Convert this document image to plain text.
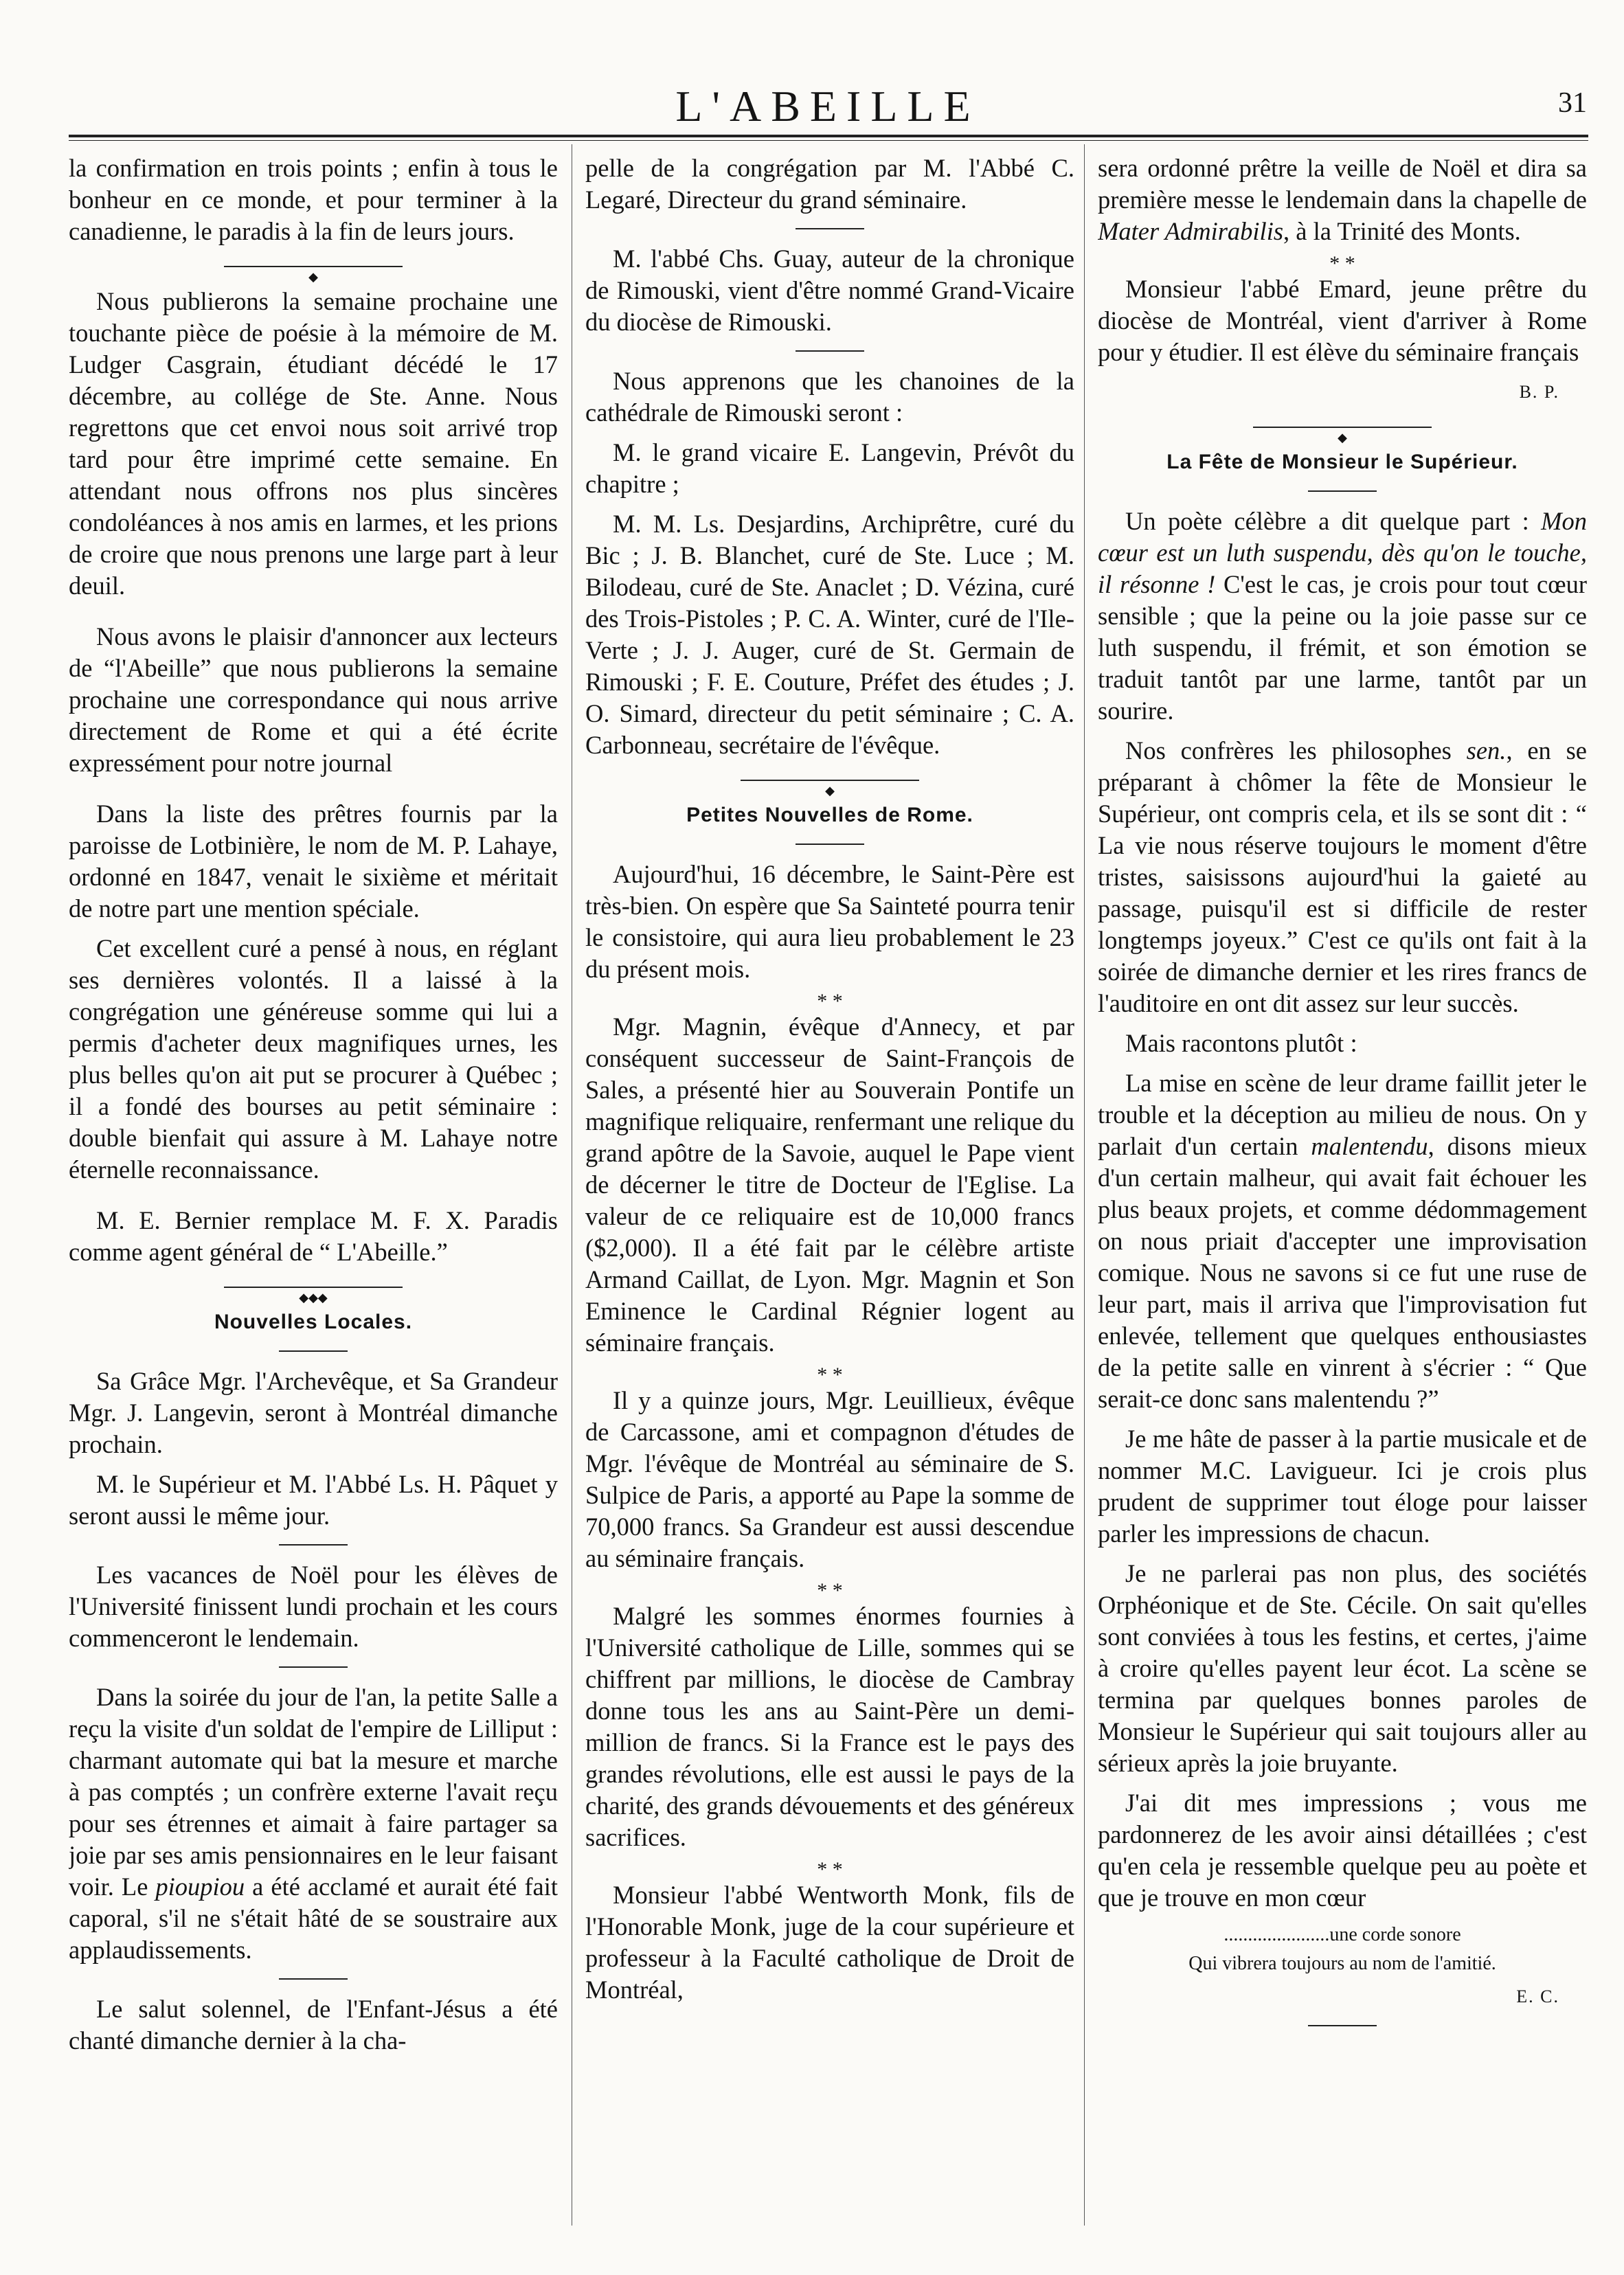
L'ABEILLE	31

la confirmation en trois points ; enfin à tous le bonheur en ce monde, et pour terminer à la canadienne, le paradis à la fin de leurs jours.

◆

Nous publierons la semaine prochaine une touchante pièce de poésie à la mémoire de M. Ludger Casgrain, étudiant décédé le 17 décembre, au collége de Ste. Anne. Nous regrettons que cet envoi nous soit arrivé trop tard pour être imprimé cette semaine. En attendant nous offrons nos plus sincères condoléances à nos amis en larmes, et les prions de croire que nous prenons une large part à leur deuil.

Nous avons le plaisir d'annoncer aux lecteurs de “l'Abeille” que nous publierons la semaine prochaine une correspondance qui nous arrive directement de Rome et qui a été écrite expressément pour notre journal

Dans la liste des prêtres fournis par la paroisse de Lotbinière, le nom de M. P. Lahaye, ordonné en 1847, venait le sixième et méritait de notre part une mention spéciale.

Cet excellent curé a pensé à nous, en réglant ses dernières volontés. Il a laissé à la congrégation une généreuse somme qui lui a permis d'acheter deux magnifiques urnes, les plus belles qu'on ait put se procurer à Québec ; il a fondé des bourses au petit séminaire : double bienfait qui assure à M. Lahaye notre éternelle reconnaissance.

M. E. Bernier remplace M. F. X. Paradis comme agent général de “ L'Abeille.”

◆◆◆
Nouvelles Locales.

Sa Grâce Mgr. l'Archevêque, et Sa Grandeur Mgr. J. Langevin, seront à Montréal dimanche prochain.

M. le Supérieur et M. l'Abbé Ls. H. Pâquet y seront aussi le même jour.

Les vacances de Noël pour les élèves de l'Université finissent lundi prochain et les cours commenceront le lendemain.

Dans la soirée du jour de l'an, la petite Salle a reçu la visite d'un soldat de l'empire de Lilliput : charmant automate qui bat la mesure et marche à pas comptés ; un confrère externe l'avait reçu pour ses étrennes et aimait à faire partager sa joie par ses amis pensionnaires en le leur faisant voir. Le pioupiou a été acclamé et aurait été fait caporal, s'il ne s'était hâté de se soustraire aux applaudissements.

Le salut solennel, de l'Enfant-Jésus a été chanté dimanche dernier à la cha-

pelle de la congrégation par M. l'Abbé C. Legaré, Directeur du grand séminaire.

M. l'abbé Chs. Guay, auteur de la chronique de Rimouski, vient d'être nommé Grand-Vicaire du diocèse de Rimouski.

Nous apprenons que les chanoines de la cathédrale de Rimouski seront :

M. le grand vicaire E. Langevin, Prévôt du chapitre ;

M. M. Ls. Desjardins, Archiprêtre, curé du Bic ; J. B. Blanchet, curé de Ste. Luce ; M. Bilodeau, curé de Ste. Anaclet ; D. Vézina, curé des Trois-Pistoles ; P. C. A. Winter, curé de l'Ile-Verte ; J. J. Auger, curé de St. Germain de Rimouski ; F. E. Couture, Préfet des études ; J. O. Simard, directeur du petit séminaire ; C. A. Carbonneau, secrétaire de l'évêque.

◆
Petites Nouvelles de Rome.

Aujourd'hui, 16 décembre, le Saint-Père est très-bien. On espère que Sa Sainteté pourra tenir le consistoire, qui aura lieu probablement le 23 du présent mois.

* *

Mgr. Magnin, évêque d'Annecy, et par conséquent successeur de Saint-François de Sales, a présenté hier au Souverain Pontife un magnifique reliquaire, renfermant une relique du grand apôtre de la Savoie, auquel le Pape vient de décerner le titre de Docteur de l'Eglise. La valeur de ce reliquaire est de 10,000 francs ($2,000). Il a été fait par le célèbre artiste Armand Caillat, de Lyon. Mgr. Magnin et Son Eminence le Cardinal Régnier logent au séminaire français.

* *

Il y a quinze jours, Mgr. Leuillieux, évêque de Carcassone, ami et compagnon d'études de Mgr. l'évêque de Montréal au séminaire de S. Sulpice de Paris, a apporté au Pape la somme de 70,000 francs. Sa Grandeur est aussi descendue au séminaire français.

* *

Malgré les sommes énormes fournies à l'Université catholique de Lille, sommes qui se chiffrent par millions, le diocèse de Cambray donne tous les ans au Saint-Père un demi-million de francs. Si la France est le pays des grandes révolutions, elle est aussi le pays de la charité, des grands dévouements et des généreux sacrifices.

* *

Monsieur l'abbé Wentworth Monk, fils de l'Honorable Monk, juge de la cour supérieure et professeur à la Faculté catholique de Droit de Montréal,

sera ordonné prêtre la veille de Noël et dira sa première messe le lendemain dans la chapelle de Mater Admirabilis, à la Trinité des Monts.

* *

Monsieur l'abbé Emard, jeune prêtre du diocèse de Montréal, vient d'arriver à Rome pour y étudier. Il est élève du séminaire français

B. P.
◆
La Fête de Monsieur le Supérieur.

Un poète célèbre a dit quelque part : Mon cœur est un luth suspendu, dès qu'on le touche, il résonne ! C'est le cas, je crois pour tout cœur sensible ; que la peine ou la joie passe sur ce luth suspendu, il frémit, et son émotion se traduit tantôt par une larme, tantôt par un sourire.

Nos confrères les philosophes sen., en se préparant à chômer la fête de Monsieur le Supérieur, ont compris cela, et ils se sont dit : “ La vie nous réserve toujours le moment d'être tristes, saisissons aujourd'hui la gaieté au passage, puisqu'il est si difficile de rester longtemps joyeux.” C'est ce qu'ils ont fait à la soirée de dimanche dernier et les rires francs de l'auditoire en ont dit assez sur leur succès.

Mais racontons plutôt :

La mise en scène de leur drame faillit jeter le trouble et la déception au milieu de nous. On y parlait d'un certain malentendu, disons mieux d'un certain malheur, qui avait fait échouer les plus beaux projets, et comme dédommagement on nous priait d'accepter une improvisation comique. Nous ne savons si ce fut une ruse de leur part, mais il arriva que l'improvisation fut enlevée, tellement que quelques enthousiastes de la petite salle en vinrent à s'écrier : “ Que serait-ce donc sans malentendu ?”

Je me hâte de passer à la partie musicale et de nommer M.C. Lavigueur. Ici je crois plus prudent de supprimer tout éloge pour laisser parler les impressions de chacun.

Je ne parlerai pas non plus, des sociétés Orphéonique et de Ste. Cécile. On sait qu'elles sont conviées à tous les festins, et certes, j'aime à croire qu'elles payent leur écot. La scène se termina par quelques bonnes paroles de Monsieur le Supérieur qui sait toujours aller au sérieux après la joie bruyante.

J'ai dit mes impressions ; vous me pardonnerez de les avoir ainsi détaillées ; c'est qu'en cela je ressemble quelque peu au poète et que je trouve en mon cœur

......................une corde sonore
Qui vibrera toujours au nom de l'amitié.
E. C.
